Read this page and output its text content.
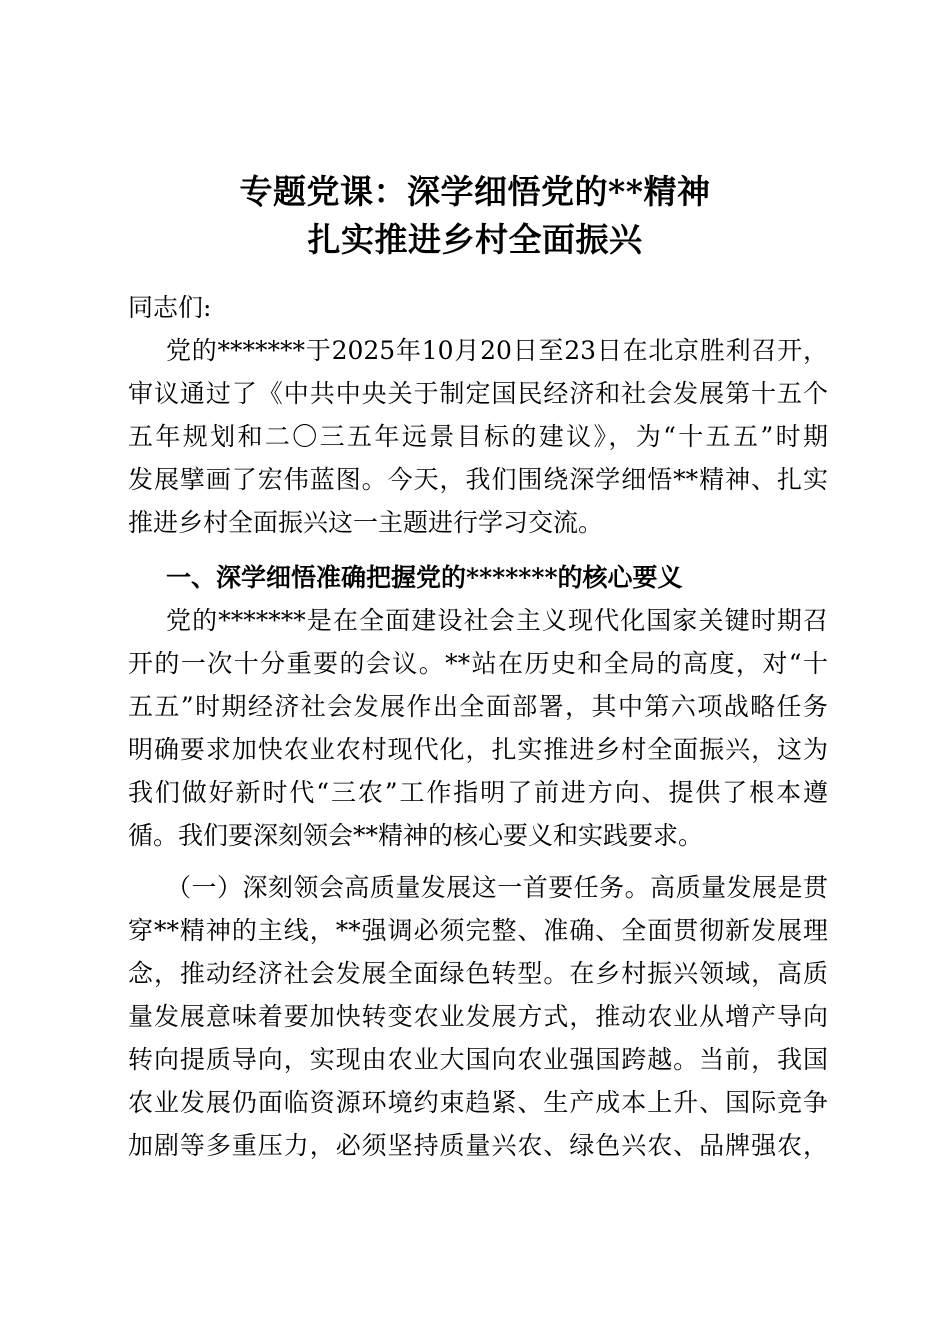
专题党课：深学细悟党的**精神
扎实推进乡村全面振兴
同志们:
党的*******于2025年10月20日至23日在北京胜利召开，
审议通过了《中共中央关于制定国民经济和社会发展第十五个
五年规划和二〇三五年远景目标的建议》，为“十五五”时期
发展擘画了宏伟蓝图。今天，我们围绕深学细悟**精神、扎实
推进乡村全面振兴这一主题进行学习交流。
一、深学细悟准确把握党的*******的核心要义
党的*******是在全面建设社会主义现代化国家关键时期召
开的一次十分重要的会议。**站在历史和全局的高度，对“十
五五”时期经济社会发展作出全面部署，其中第六项战略任务
明确要求加快农业农村现代化，扎实推进乡村全面振兴，这为
我们做好新时代“三农”工作指明了前进方向、提供了根本遵
循。我们要深刻领会**精神的核心要义和实践要求。
（一）深刻领会高质量发展这一首要任务。高质量发展是贯
穿**精神的主线，**强调必须完整、准确、全面贯彻新发展理
念，推动经济社会发展全面绿色转型。在乡村振兴领域，高质
量发展意味着要加快转变农业发展方式，推动农业从增产导向
转向提质导向，实现由农业大国向农业强国跨越。当前，我国
农业发展仍面临资源环境约束趋紧、生产成本上升、国际竞争
加剧等多重压力，必须坚持质量兴农、绿色兴农、品牌强农，
